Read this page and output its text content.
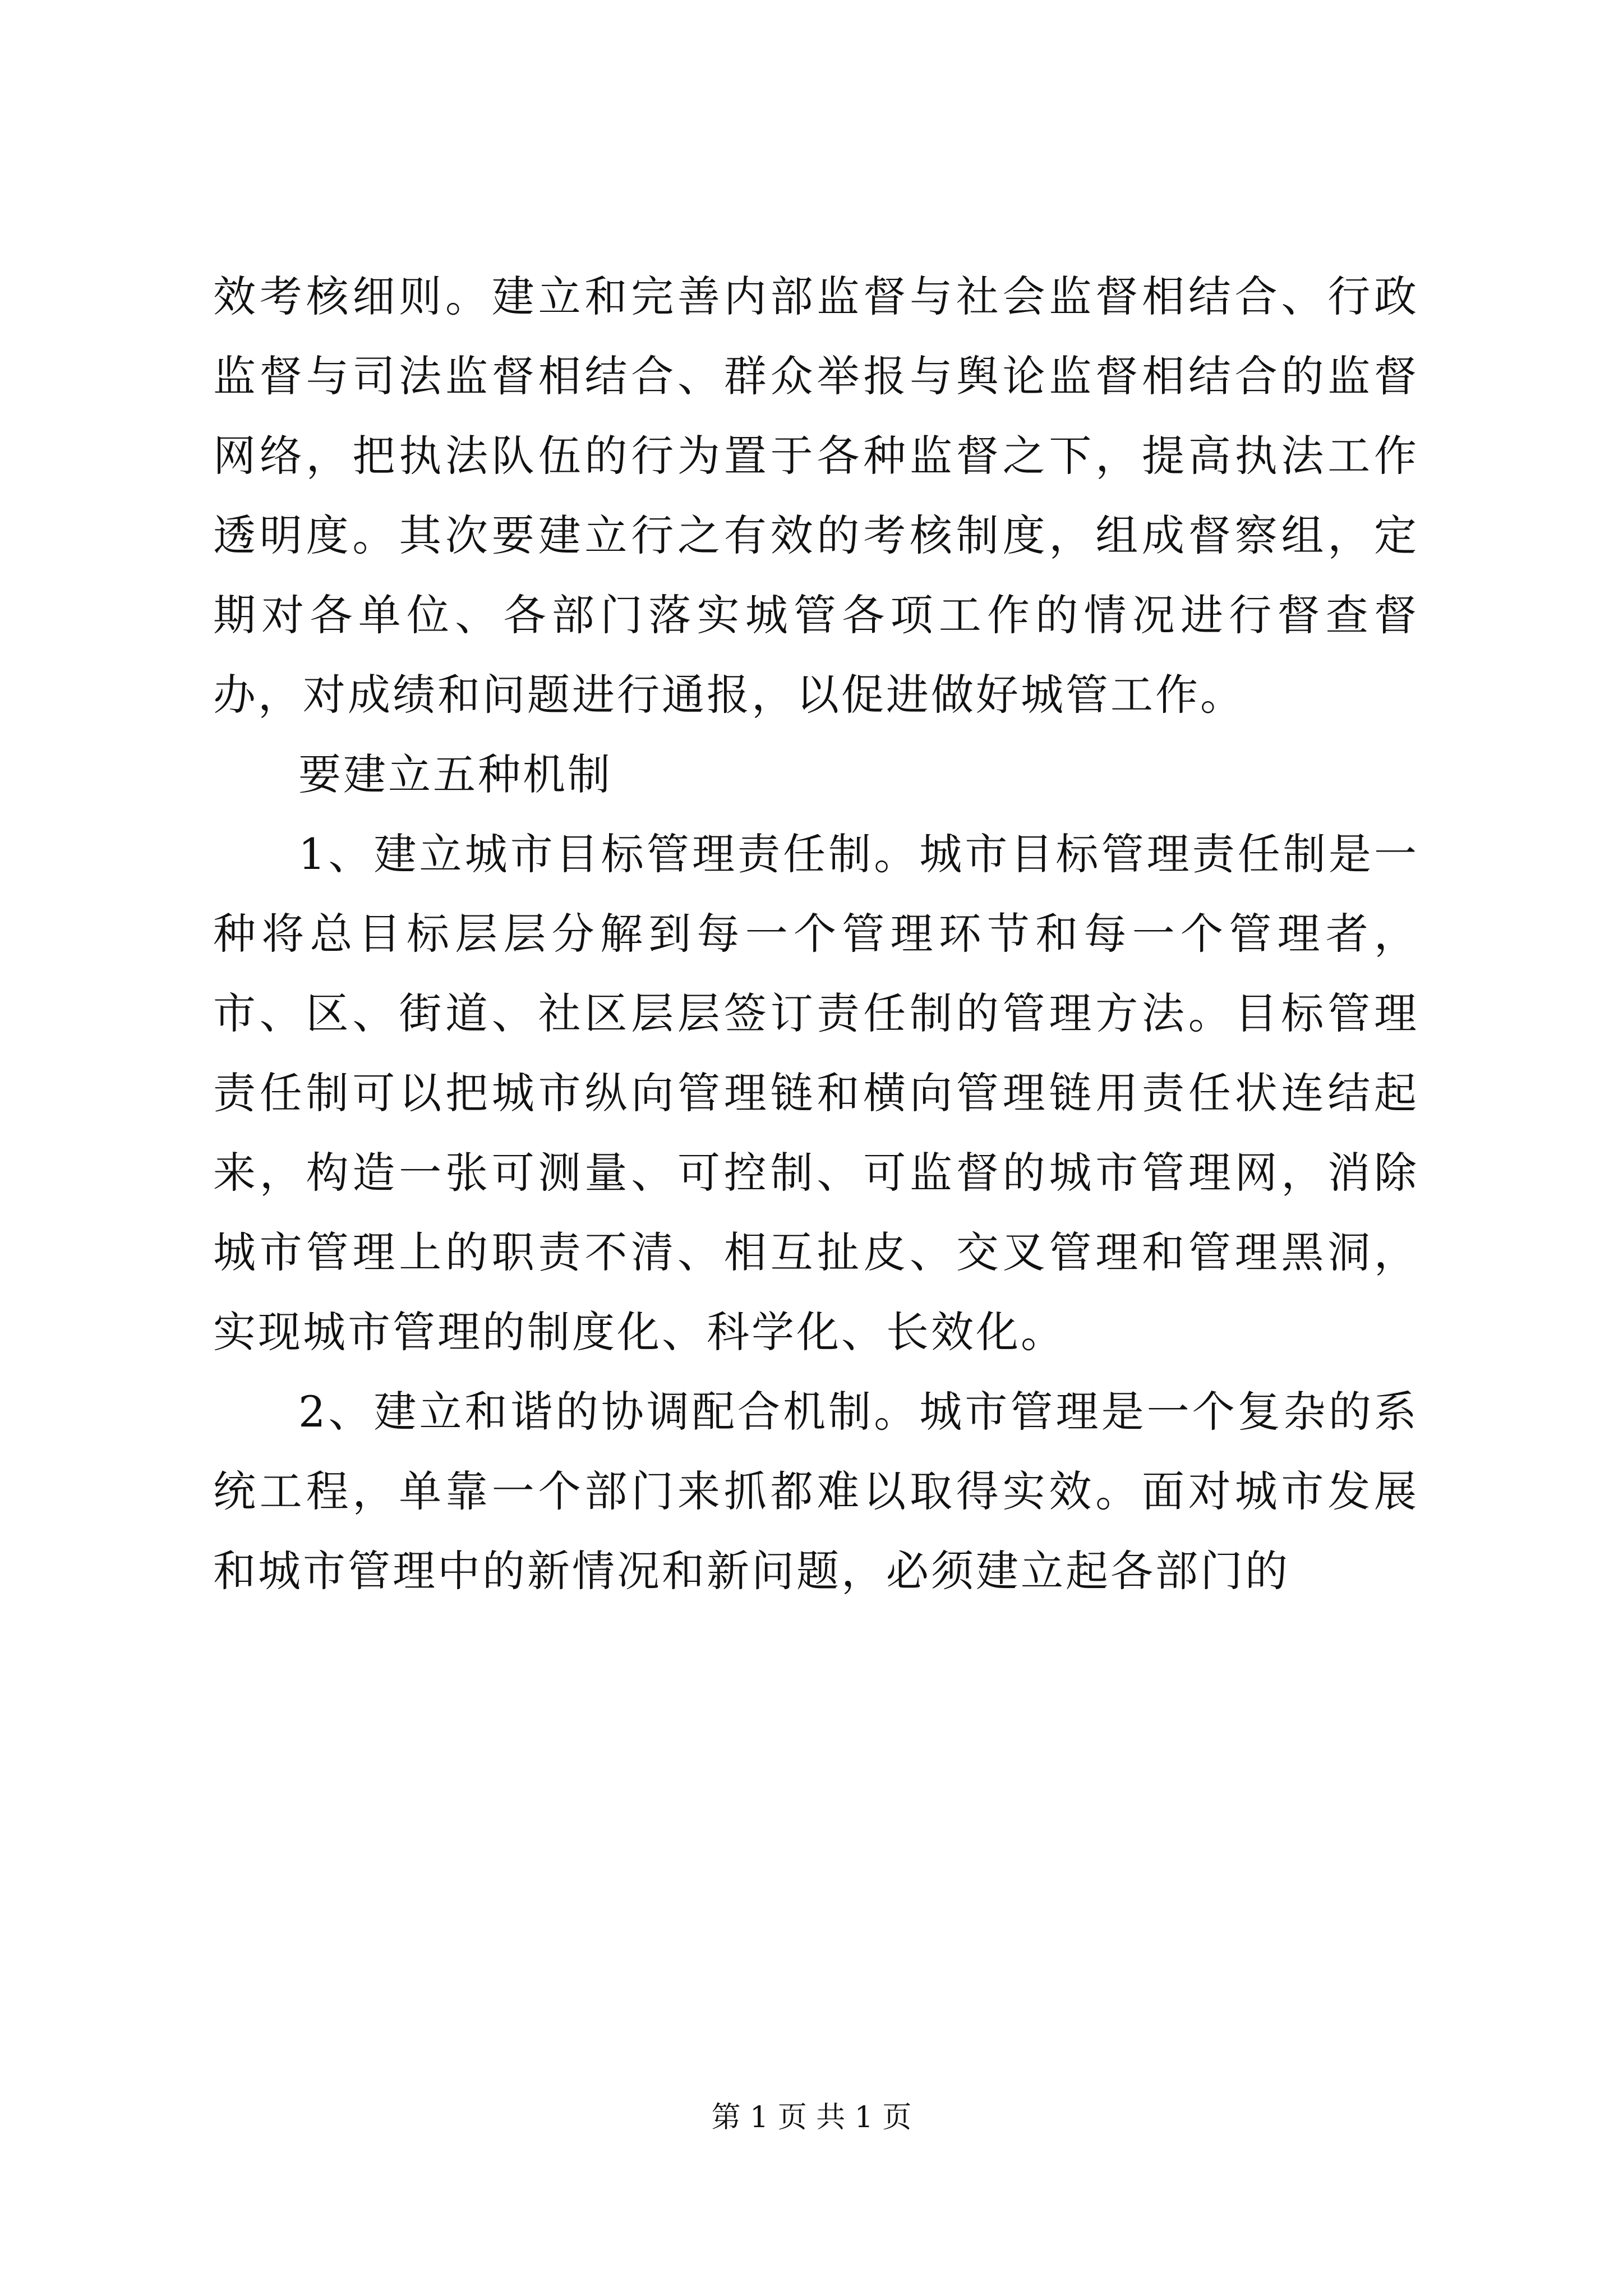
效考核细则。建立和完善内部监督与社会监督相结合、行政监督与司法监督相结合、群众举报与舆论监督相结合的监督网络，把执法队伍的行为置于各种监督之下，提高执法工作透明度。其次要建立行之有效的考核制度，组成督察组，定期对各单位、各部门落实城管各项工作的情况进行督查督办，对成绩和问题进行通报，以促进做好城管工作。

要建立五种机制

1、建立城市目标管理责任制。城市目标管理责任制是一种将总目标层层分解到每一个管理环节和每一个管理者，市、区、街道、社区层层签订责任制的管理方法。目标管理责任制可以把城市纵向管理链和横向管理链用责任状连结起来，构造一张可测量、可控制、可监督的城市管理网，消除城市管理上的职责不清、相互扯皮、交叉管理和管理黑洞，实现城市管理的制度化、科学化、长效化。

2、建立和谐的协调配合机制。城市管理是一个复杂的系统工程，单靠一个部门来抓都难以取得实效。面对城市发展和城市管理中的新情况和新问题，必须建立起各部门的

第 1 页 共 1 页
